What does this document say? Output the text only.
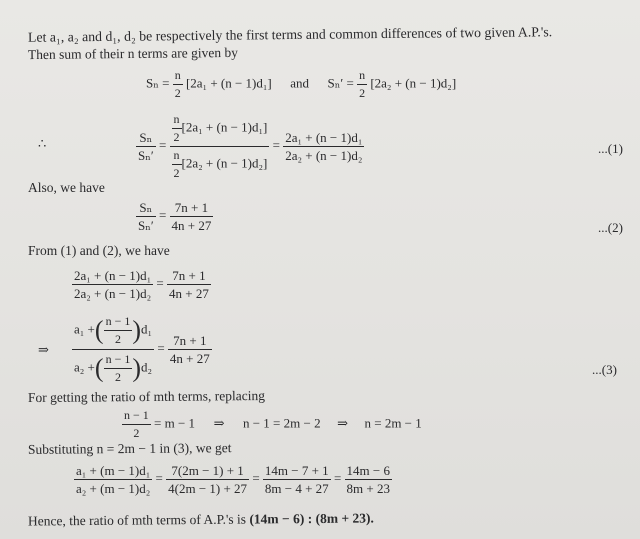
Let a₁, a₂ and d₁, d₂ be respectively the first terms and common differences of two given A.P.'s.
Then sum of their n terms are given by
$S_n = \frac{n}{2} [2a_1 + (n - 1)d_1]$ and $S_n' = \frac{n}{2} [2a_2 + (n - 1)d_2]$
∴	$\frac{\text{Sₙ}}{\text{Sₙ′}} = \frac{\frac{n}{2} [2a_1 + (n - 1)d_1]}{\frac{n}{2} [2a_2 + (n - 1)d_2]} = \frac{\text{2a₁ + (n − 1)d₁}}{\text{2a₂ + (n − 1)d₂}}$	...(1)
Also, we have
$\frac{\text{Sₙ}}{\text{Sₙ′}} = \frac{7n + 1}{4n + 27}$	...(2)
From (1) and (2), we have
$\frac{\text{2a₁ + (n − 1)d₁}}{\text{2a₂ + (n − 1)d₂}} = \frac{7n + 1}{4n + 27}$
⇒ $\frac{a_1 +( \frac{n - 1}{2} )d_1}{a_2 +( \frac{n - 1}{2} )d_2} = \frac{7n + 1}{4n + 27}$
...(3)
For getting the ratio of mth terms, replacing
$\frac{n - 1}{2} = m - 1$ ⇒ n − 1 = 2m − 2 ⇒ n = 2m − 1
Substituting n = 2m − 1 in (3), we get
$\frac{\text{a₁ + (m − 1)d₁}}{\text{a₂ + (m − 1)d₂}} = \frac{7(2m - 1) + 1}{4(2m - 1) + 27} = \frac{14m - 7 + 1}{8m - 4 + 27} = \frac{14m - 6}{8m + 23}$
Hence, the ratio of mth terms of A.P.'s is (14m − 6) : (8m + 23).
